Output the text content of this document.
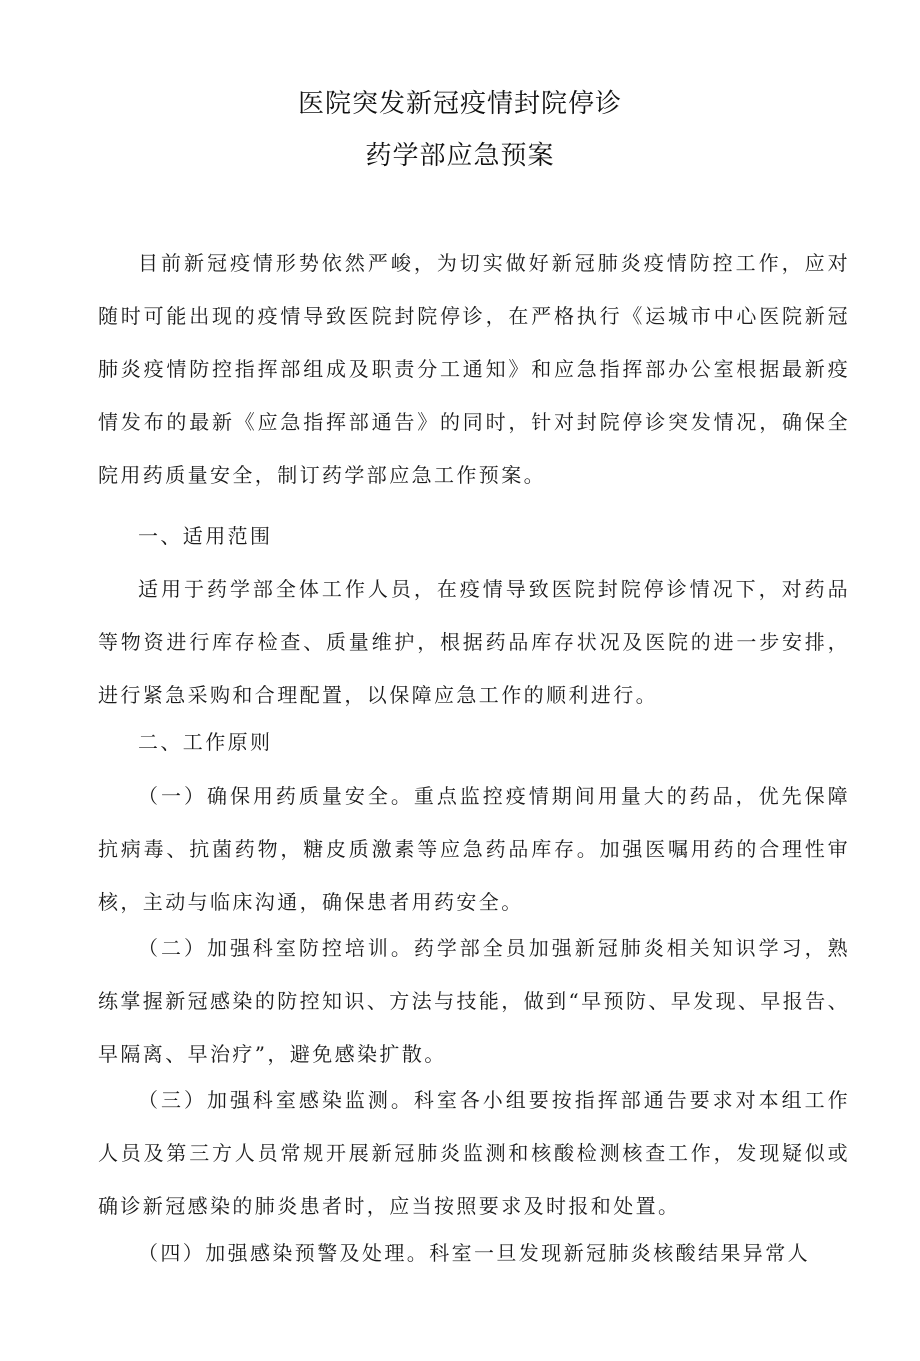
医院突发新冠疫情封院停诊
药学部应急预案

目前新冠疫情形势依然严峻，为切实做好新冠肺炎疫情防控工作，应对随时可能出现的疫情导致医院封院停诊，在严格执行《运城市中心医院新冠肺炎疫情防控指挥部组成及职责分工通知》和应急指挥部办公室根据最新疫情发布的最新《应急指挥部通告》的同时，针对封院停诊突发情况，确保全院用药质量安全，制订药学部应急工作预案。

一、适用范围

适用于药学部全体工作人员，在疫情导致医院封院停诊情况下，对药品等物资进行库存检查、质量维护，根据药品库存状况及医院的进一步安排，进行紧急采购和合理配置，以保障应急工作的顺利进行。

二、工作原则

（一）确保用药质量安全。重点监控疫情期间用量大的药品，优先保障抗病毒、抗菌药物，糖皮质激素等应急药品库存。加强医嘱用药的合理性审核，主动与临床沟通，确保患者用药安全。

（二）加强科室防控培训。药学部全员加强新冠肺炎相关知识学习，熟练掌握新冠感染的防控知识、方法与技能，做到“早预防、早发现、早报告、早隔离、早治疗”，避免感染扩散。

（三）加强科室感染监测。科室各小组要按指挥部通告要求对本组工作人员及第三方人员常规开展新冠肺炎监测和核酸检测核查工作，发现疑似或确诊新冠感染的肺炎患者时，应当按照要求及时报和处置。

（四）加强感染预警及处理。科室一旦发现新冠肺炎核酸结果异常人
